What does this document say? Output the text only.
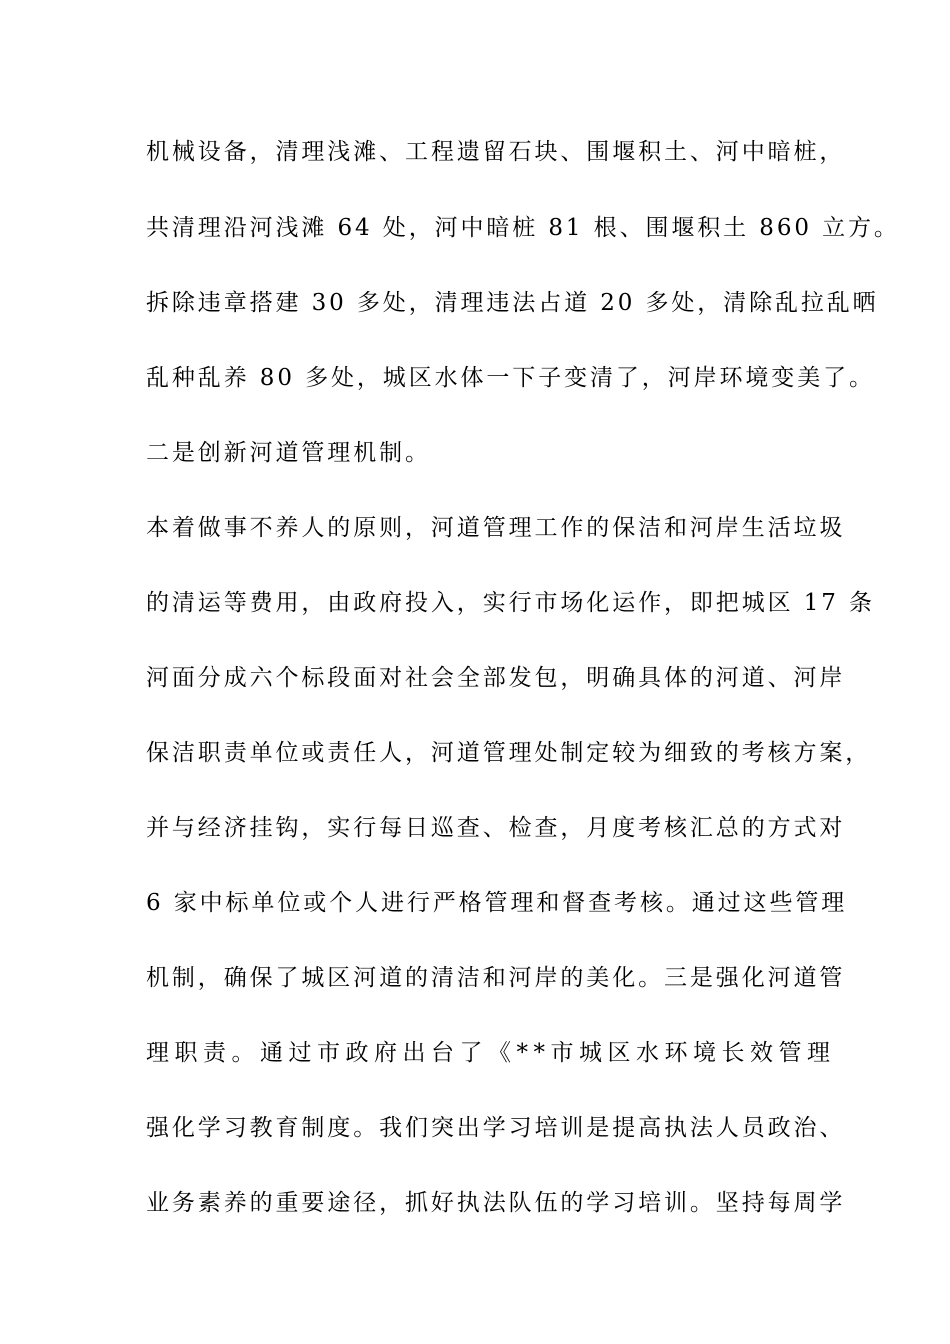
机械设备，清理浅滩、工程遗留石块、围堰积土、河中暗桩，
共清理沿河浅滩 64 处，河中暗桩 81 根、围堰积土 860 立方。
拆除违章搭建 30 多处，清理违法占道 20 多处，清除乱拉乱晒
乱种乱养 80 多处，城区水体一下子变清了，河岸环境变美了。
二是创新河道管理机制。
本着做事不养人的原则，河道管理工作的保洁和河岸生活垃圾
的清运等费用，由政府投入，实行市场化运作，即把城区 17 条
河面分成六个标段面对社会全部发包，明确具体的河道、河岸
保洁职责单位或责任人，河道管理处制定较为细致的考核方案，
并与经济挂钩，实行每日巡查、检查，月度考核汇总的方式对
6 家中标单位或个人进行严格管理和督查考核。通过这些管理
机制，确保了城区河道的清洁和河岸的美化。三是强化河道管
理职责。通过市政府出台了《**市城区水环境长效管理
强化学习教育制度。我们突出学习培训是提高执法人员政治、
业务素养的重要途径，抓好执法队伍的学习培训。坚持每周学
